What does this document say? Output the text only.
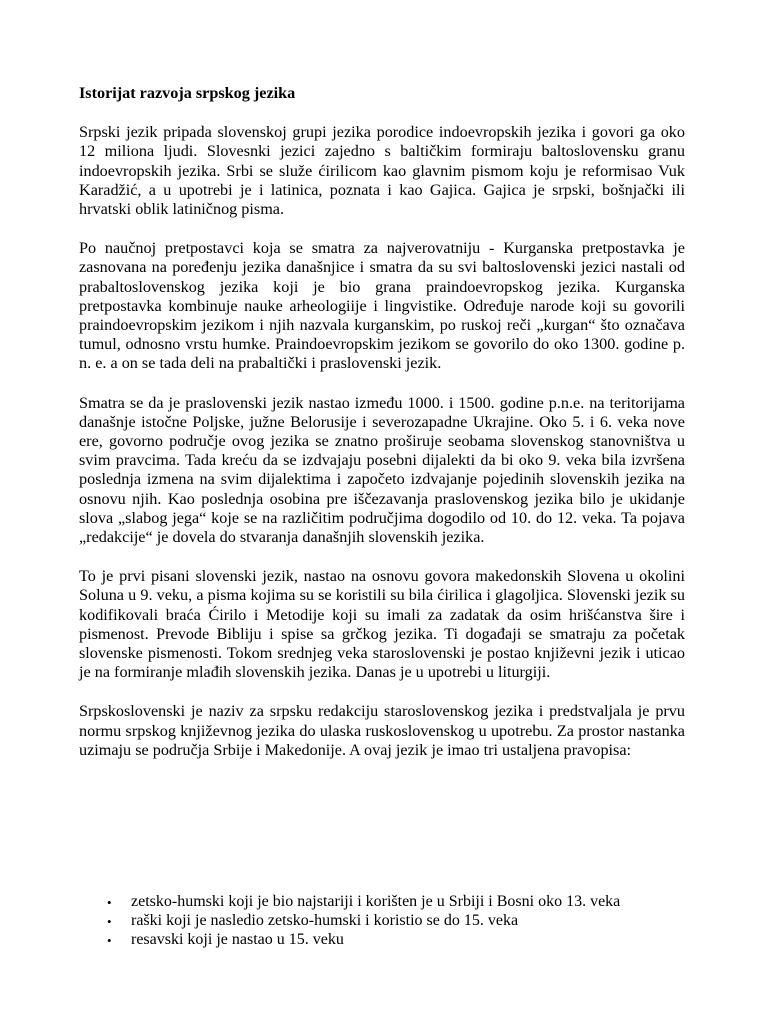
Istorijat razvoja srpskog jezika

Srpski jezik pripada slovenskoj grupi jezika porodice indoevropskih jezika i govori ga oko 12 miliona ljudi. Slovesnki jezici zajedno s baltičkim formiraju baltoslovensku granu indoevropskih jezika. Srbi se služe ćirilicom kao glavnim pismom koju je reformisao Vuk Karadžić, a u upotrebi je i latinica, poznata i kao Gajica. Gajica je srpski, bošnjački ili hrvatski oblik latiničnog pisma.

Po naučnoj pretpostavci koja se smatra za najverovatniju - Kurganska pretpostavka je zasnovana na poređenju jezika današnjice i smatra da su svi baltoslovenski jezici nastali od prabaltoslovenskog jezika koji je bio grana praindoevropskog jezika. Kurganska pretpostavka kombinuje nauke arheologiije i lingvistike. Određuje narode koji su govorili praindoevropskim jezikom i njih nazvala kurganskim, po ruskoj reči „kurgan“ što označava tumul, odnosno vrstu humke. Praindoevropskim jezikom se govorilo do oko 1300. godine p. n. e. a on se tada deli na prabaltički i praslovenski jezik.

Smatra se da je praslovenski jezik nastao između 1000. i 1500. godine p.n.e. na teritorijama današnje istočne Poljske, južne Belorusije i severozapadne Ukrajine. Oko 5. i 6. veka nove ere, govorno područje ovog jezika se znatno proširuje seobama slovenskog stanovništva u svim pravcima. Tada kreću da se izdvajaju posebni dijalekti da bi oko 9. veka bila izvršena poslednja izmena na svim dijalektima i započeto izdvajanje pojedinih slovenskih jezika na osnovu njih. Kao poslednja osobina pre iščezavanja praslovenskog jezika bilo je ukidanje slova „slabog jega“ koje se na različitim područjima dogodilo od 10. do 12. veka. Ta pojava „redakcije“ je dovela do stvaranja današnjih slovenskih jezika.

To je prvi pisani slovenski jezik, nastao na osnovu govora makedonskih Slovena u okolini Soluna u 9. veku, a pisma kojima su se koristili su bila ćirilica i glagoljica. Slovenski jezik su kodifikovali braća Ćirilo i Metodije koji su imali za zadatak da osim hrišćanstva šire i pismenost. Prevode Bibliju i spise sa grčkog jezika. Ti događaji se smatraju za početak slovenske pismenosti. Tokom srednjeg veka staroslovenski je postao književni jezik i uticao je na formiranje mlađih slovenskih jezika. Danas je u upotrebi u liturgiji.

Srpskoslovenski je naziv za srpsku redakciju staroslovenskog jezika i predstvaljala je prvu normu srpskog književnog jezika do ulaska ruskoslovenskog u upotrebu. Za prostor nastanka uzimaju se područja Srbije i Makedonije. A ovaj jezik je imao tri ustaljena pravopisa:

• zetsko-humski koji je bio najstariji i korišten je u Srbiji i Bosni oko 13. veka
• raški koji je nasledio zetsko-humski i koristio se do 15. veka
• resavski koji je nastao u 15. veku
